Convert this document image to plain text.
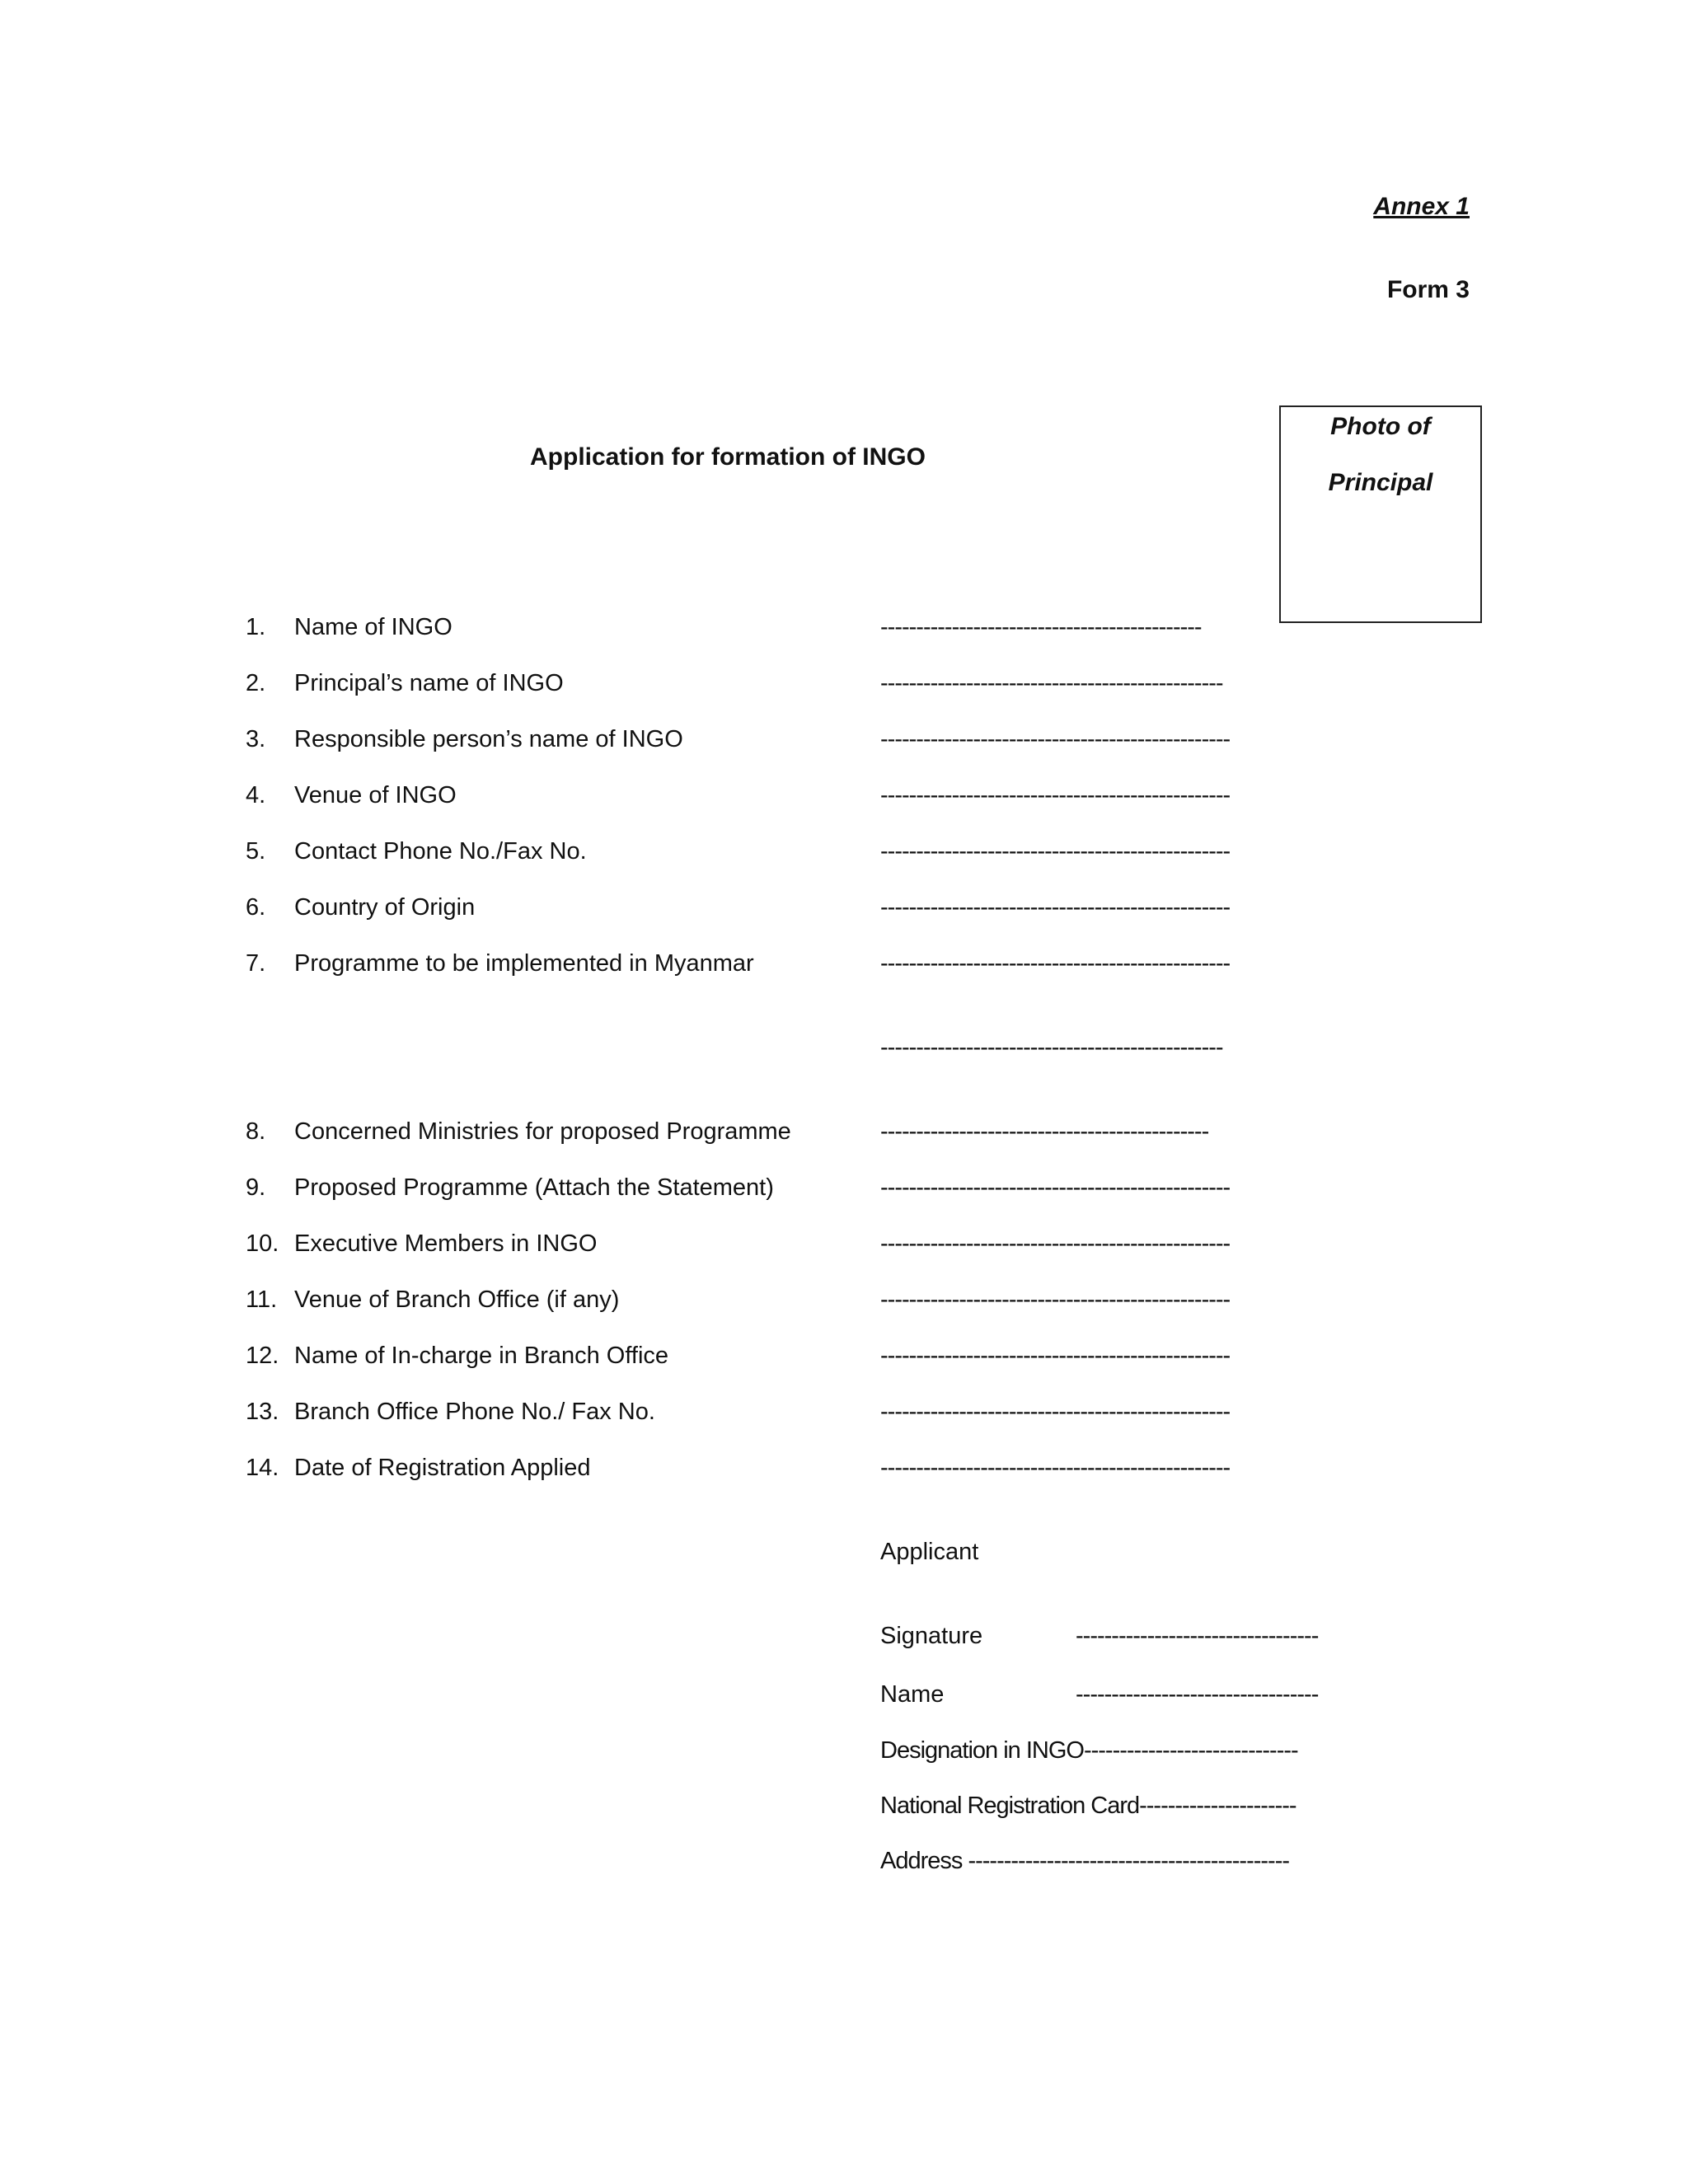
Annex 1
Form 3
Application for formation of INGO
Photo of
Principal
1. Name of INGO	---------------------------------------------
2. Principal’s name of INGO	------------------------------------------------
3. Responsible person’s name of INGO	-------------------------------------------------
4. Venue of INGO	-------------------------------------------------
5. Contact Phone No./Fax No.	-------------------------------------------------
6. Country of Origin	-------------------------------------------------
7. Programme to be implemented in Myanmar	-------------------------------------------------
------------------------------------------------
8. Concerned Ministries for proposed Programme	----------------------------------------------
9. Proposed Programme (Attach the Statement)	-------------------------------------------------
10. Executive Members in INGO	-------------------------------------------------
11. Venue of Branch Office (if any)	-------------------------------------------------
12. Name of In-charge in Branch Office	-------------------------------------------------
13. Branch Office Phone No./ Fax No.	-------------------------------------------------
14. Date of Registration Applied	-------------------------------------------------
Applicant
Signature	----------------------------------
Name	----------------------------------
Designation in INGO------------------------------
National Registration Card----------------------
Address ---------------------------------------------
